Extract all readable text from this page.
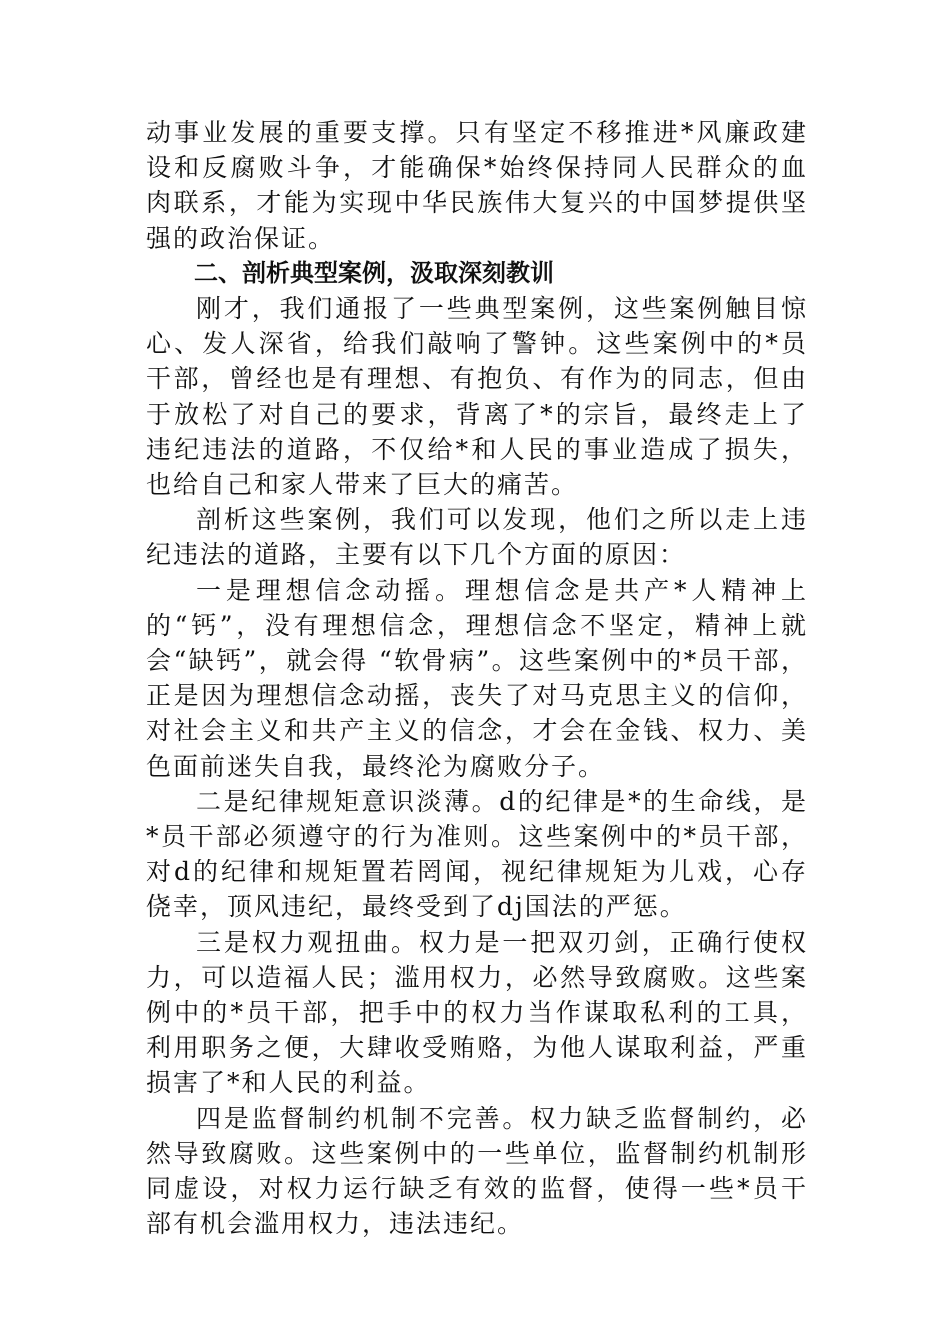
动事业发展的重要支撑。只有坚定不移推进*风廉政建设和反腐败斗争，才能确保*始终保持同人民群众的血肉联系，才能为实现中华民族伟大复兴的中国梦提供坚强的政治保证。

二、剖析典型案例，汲取深刻教训

刚才，我们通报了一些典型案例，这些案例触目惊心、发人深省，给我们敲响了警钟。这些案例中的*员干部，曾经也是有理想、有抱负、有作为的同志，但由于放松了对自己的要求，背离了*的宗旨，最终走上了违纪违法的道路，不仅给*和人民的事业造成了损失，也给自己和家人带来了巨大的痛苦。

剖析这些案例，我们可以发现，他们之所以走上违纪违法的道路，主要有以下几个方面的原因：

一是理想信念动摇。理想信念是共产*人精神上的“钙”，没有理想信念，理想信念不坚定，精神上就会“缺钙”，就会得 “软骨病”。这些案例中的*员干部，正是因为理想信念动摇，丧失了对马克思主义的信仰，对社会主义和共产主义的信念，才会在金钱、权力、美色面前迷失自我，最终沦为腐败分子。

二是纪律规矩意识淡薄。d的纪律是*的生命线，是*员干部必须遵守的行为准则。这些案例中的*员干部，对d的纪律和规矩置若罔闻，视纪律规矩为儿戏，心存侥幸，顶风违纪，最终受到了dj国法的严惩。

三是权力观扭曲。权力是一把双刃剑，正确行使权力，可以造福人民；滥用权力，必然导致腐败。这些案例中的*员干部，把手中的权力当作谋取私利的工具，利用职务之便，大肆收受贿赂，为他人谋取利益，严重损害了*和人民的利益。

四是监督制约机制不完善。权力缺乏监督制约，必然导致腐败。这些案例中的一些单位，监督制约机制形同虚设，对权力运行缺乏有效的监督，使得一些*员干部有机会滥用权力，违法违纪。
